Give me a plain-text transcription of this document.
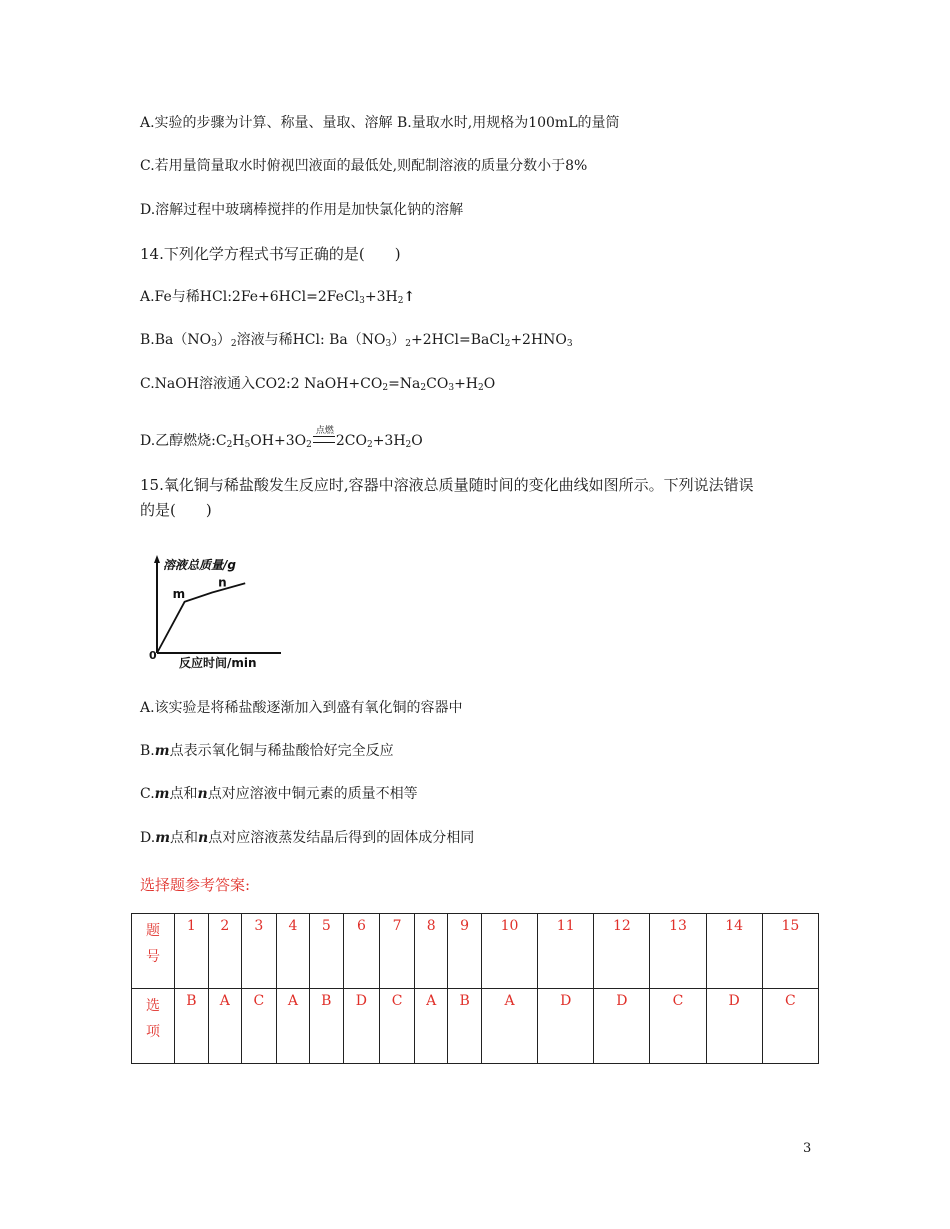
A.实验的步骤为计算、称量、量取、溶解 B.量取水时,用规格为100mL的量筒
C.若用量筒量取水时俯视凹液面的最低处,则配制溶液的质量分数小于8%
D.溶解过程中玻璃棒搅拌的作用是加快氯化钠的溶解
14.下列化学方程式书写正确的是(　　)
A.Fe与稀$HCl:2Fe+6HCl=2FeCl_3+3H_2↑$
$B.Ba(NO_3)_2$溶液与稀HCl: $Ba(NO_3)_2+2HCl=BaCl_2+2HNO_3$
C.NaOH溶液通入CO2:2 $NaOH+CO_2=Na_2CO_3+H_2O$
D.乙醇燃烧$:C_2H_5OH+3O_2$
点燃
$2CO_2+3H_2O$
15.氧化铜与稀盐酸发生反应时,容器中溶液总质量随时间的变化曲线如图所示。下列说法错误
的是(　　)
溶液总质量/g
反应时间/min
0
m
n
A.该实验是将稀盐酸逐渐加入到盛有氧化铜的容器中
B.m点表示氧化铜与稀盐酸恰好完全反应
C.m点和n点对应溶液中铜元素的质量不相等
D.m点和n点对应溶液蒸发结晶后得到的固体成分相同
选择题参考答案:
题
号	1	2	3	4	5	6	7	8	9	10	11	12	13	14	15
选
项	B	A	C	A	B	D	C	A	B	A	D	D	C	D	C
3
